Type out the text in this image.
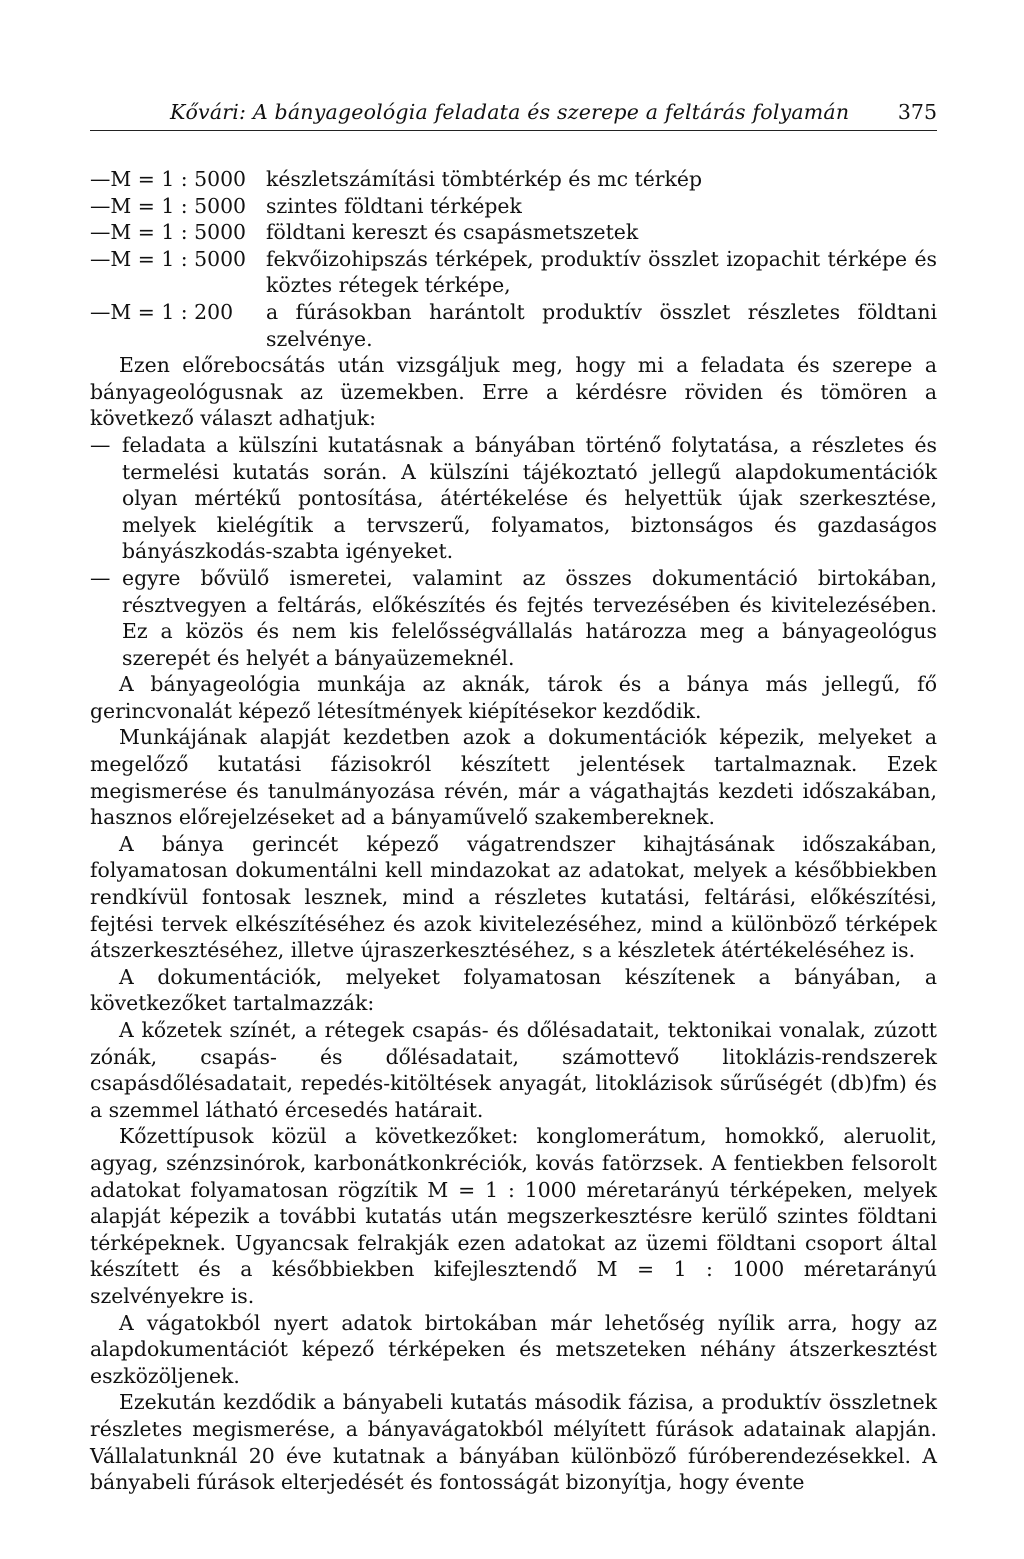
Kővári: A bányageológia feladata és szerepe a feltárás folyamán 375
—M = 1 : 5000 készletszámítási tömbtérkép és mc térkép
—M = 1 : 5000 szintes földtani térképek
—M = 1 : 5000 földtani kereszt és csapásmetszetek
—M = 1 : 5000 fekvőizohipszás térképek, produktív összlet izopachit térképe és köztes rétegek térképe,
—M = 1 : 200	a fúrásokban harántolt produktív összlet részletes földtani szelvénye.

Ezen előrebocsátás után vizsgáljuk meg, hogy mi a feladata és szerepe a bányageológusnak az üzemekben. Erre a kérdésre röviden és tömören a következő választ adhatjuk:

— feladata a külszíni kutatásnak a bányában történő folytatása, a részletes és termelési kutatás során. A külszíni tájékoztató jellegű alapdokumentációk olyan mértékű pontosítása, átértékelése és helyettük újak szerkesztése, melyek kielégítik a tervszerű, folyamatos, biztonságos és gazdaságos bányászkodás-szabta igényeket.
— egyre bővülő ismeretei, valamint az összes dokumentáció birtokában, résztvegyen a feltárás, előkészítés és fejtés tervezésében és kivitelezésében. Ez a közös és nem kis felelősségvállalás határozza meg a bányageológus szerepét és helyét a bányaüzemeknél.

A bányageológia munkája az aknák, tárok és a bánya más jellegű, fő gerincvonalát képező létesítmények kiépítésekor kezdődik.

Munkájának alapját kezdetben azok a dokumentációk képezik, melyeket a megelőző kutatási fázisokról készített jelentések tartalmaznak. Ezek megismerése és tanulmányozása révén, már a vágathajtás kezdeti időszakában, hasznos előrejelzéseket ad a bányaművelő szakembereknek.

A bánya gerincét képező vágatrendszer kihajtásának időszakában, folyamatosan dokumentálni kell mindazokat az adatokat, melyek a későbbiekben rendkívül fontosak lesznek, mind a részletes kutatási, feltárási, előkészítési, fejtési tervek elkészítéséhez és azok kivitelezéséhez, mind a különböző térképek átszerkesztéséhez, illetve újraszerkesztéséhez, s a készletek átértékeléséhez is.

A dokumentációk, melyeket folyamatosan készítenek a bányában, a következőket tartalmazzák:

A kőzetek színét, a rétegek csapás- és dőlésadatait, tektonikai vonalak, zúzott zónák, csapás- és dőlésadatait, számottevő litoklázis-rendszerek csapásdőlésadatait, repedés-kitöltések anyagát, litoklázisok sűrűségét (db)fm) és a szemmel látható ércesedés határait.

Kőzettípusok közül a következőket: konglomerátum, homokkő, aleruolit, agyag, szénzsinórok, karbonátkonkréciók, kovás fatörzsek. A fentiekben felsorolt adatokat folyamatosan rögzítik M = 1 : 1000 méretarányú térképeken, melyek alapját képezik a további kutatás után megszerkesztésre kerülő szintes földtani térképeknek. Ugyancsak felrakják ezen adatokat az üzemi földtani csoport által készített és a későbbiekben kifejlesztendő M = 1 : 1000 méretarányú szelvényekre is.

A vágatokból nyert adatok birtokában már lehetőség nyílik arra, hogy az alapdokumentációt képező térképeken és metszeteken néhány átszerkesztést eszközöljenek.

Ezekután kezdődik a bányabeli kutatás második fázisa, a produktív összletnek részletes megismerése, a bányavágatokból mélyített fúrások adatainak alapján. Vállalatunknál 20 éve kutatnak a bányában különböző fúróberendezésekkel. A bányabeli fúrások elterjedését és fontosságát bizonyítja, hogy évente
